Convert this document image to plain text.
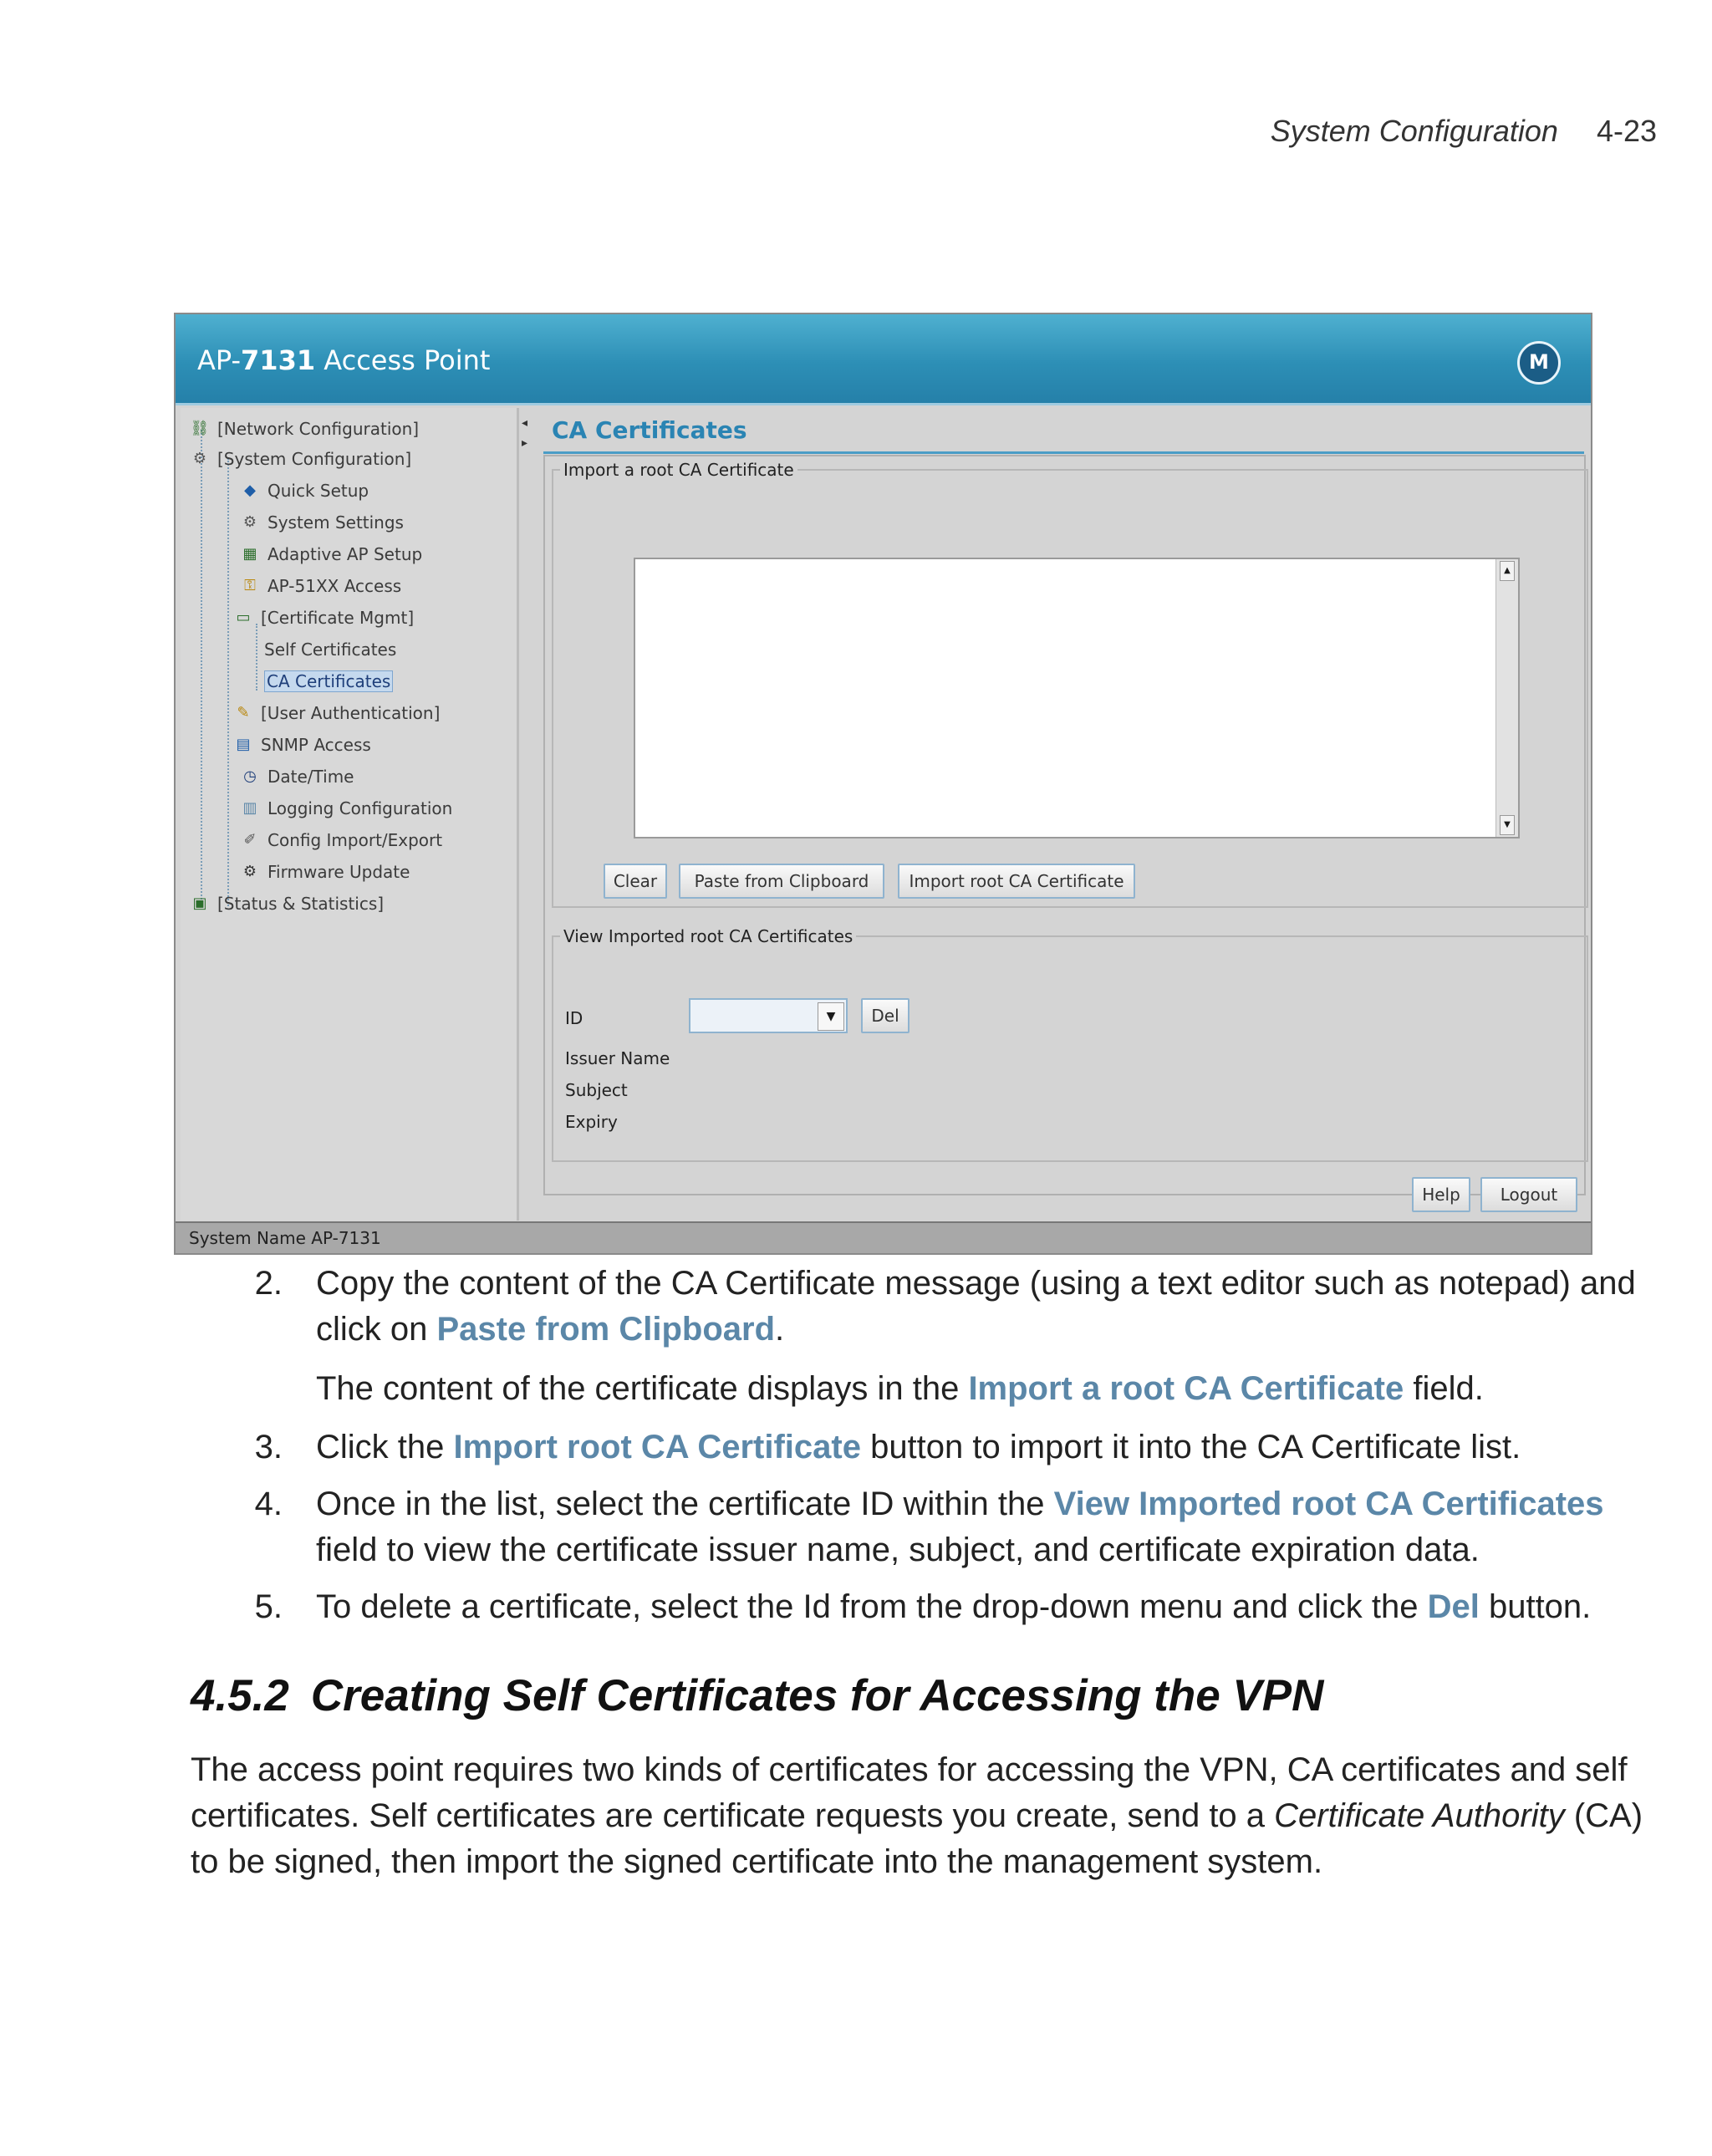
System Configuration 4-23
AP-7131 Access Point	M
⛓ [Network Configuration]
⚙ [System Configuration]
◆ Quick Setup
⚙ System Settings
▦ Adaptive AP Setup
⚿ AP-51XX Access
▭ [Certificate Mgmt]
Self Certificates
CA Certificates
✎ [User Authentication]
▤ SNMP Access
◷ Date/Time
▥ Logging Configuration
✐ Config Import/Export
⚙ Firmware Update
▣ [Status & Statistics]
◂
▸ CA Certificates
Import a root CA Certificate
▲
▼
Clear	Paste from Clipboard	Import root CA Certificate
View Imported root CA Certificates
ID	▼	Del
Issuer Name
Subject
Expiry
Help	Logout
System Name AP-7131
2. Copy the content of the CA Certificate message (using a text editor such as notepad) and
click on Paste from Clipboard.
The content of the certificate displays in the Import a root CA Certificate field.
3. Click the Import root CA Certificate button to import it into the CA Certificate list.
4. Once in the list, select the certificate ID within the View Imported root CA Certificates
field to view the certificate issuer name, subject, and certificate expiration data.
5. To delete a certificate, select the Id from the drop-down menu and click the Del button.
4.5.2 Creating Self Certificates for Accessing the VPN
The access point requires two kinds of certificates for accessing the VPN, CA certificates and self
certificates. Self certificates are certificate requests you create, send to a Certificate Authority (CA)
to be signed, then import the signed certificate into the management system.
